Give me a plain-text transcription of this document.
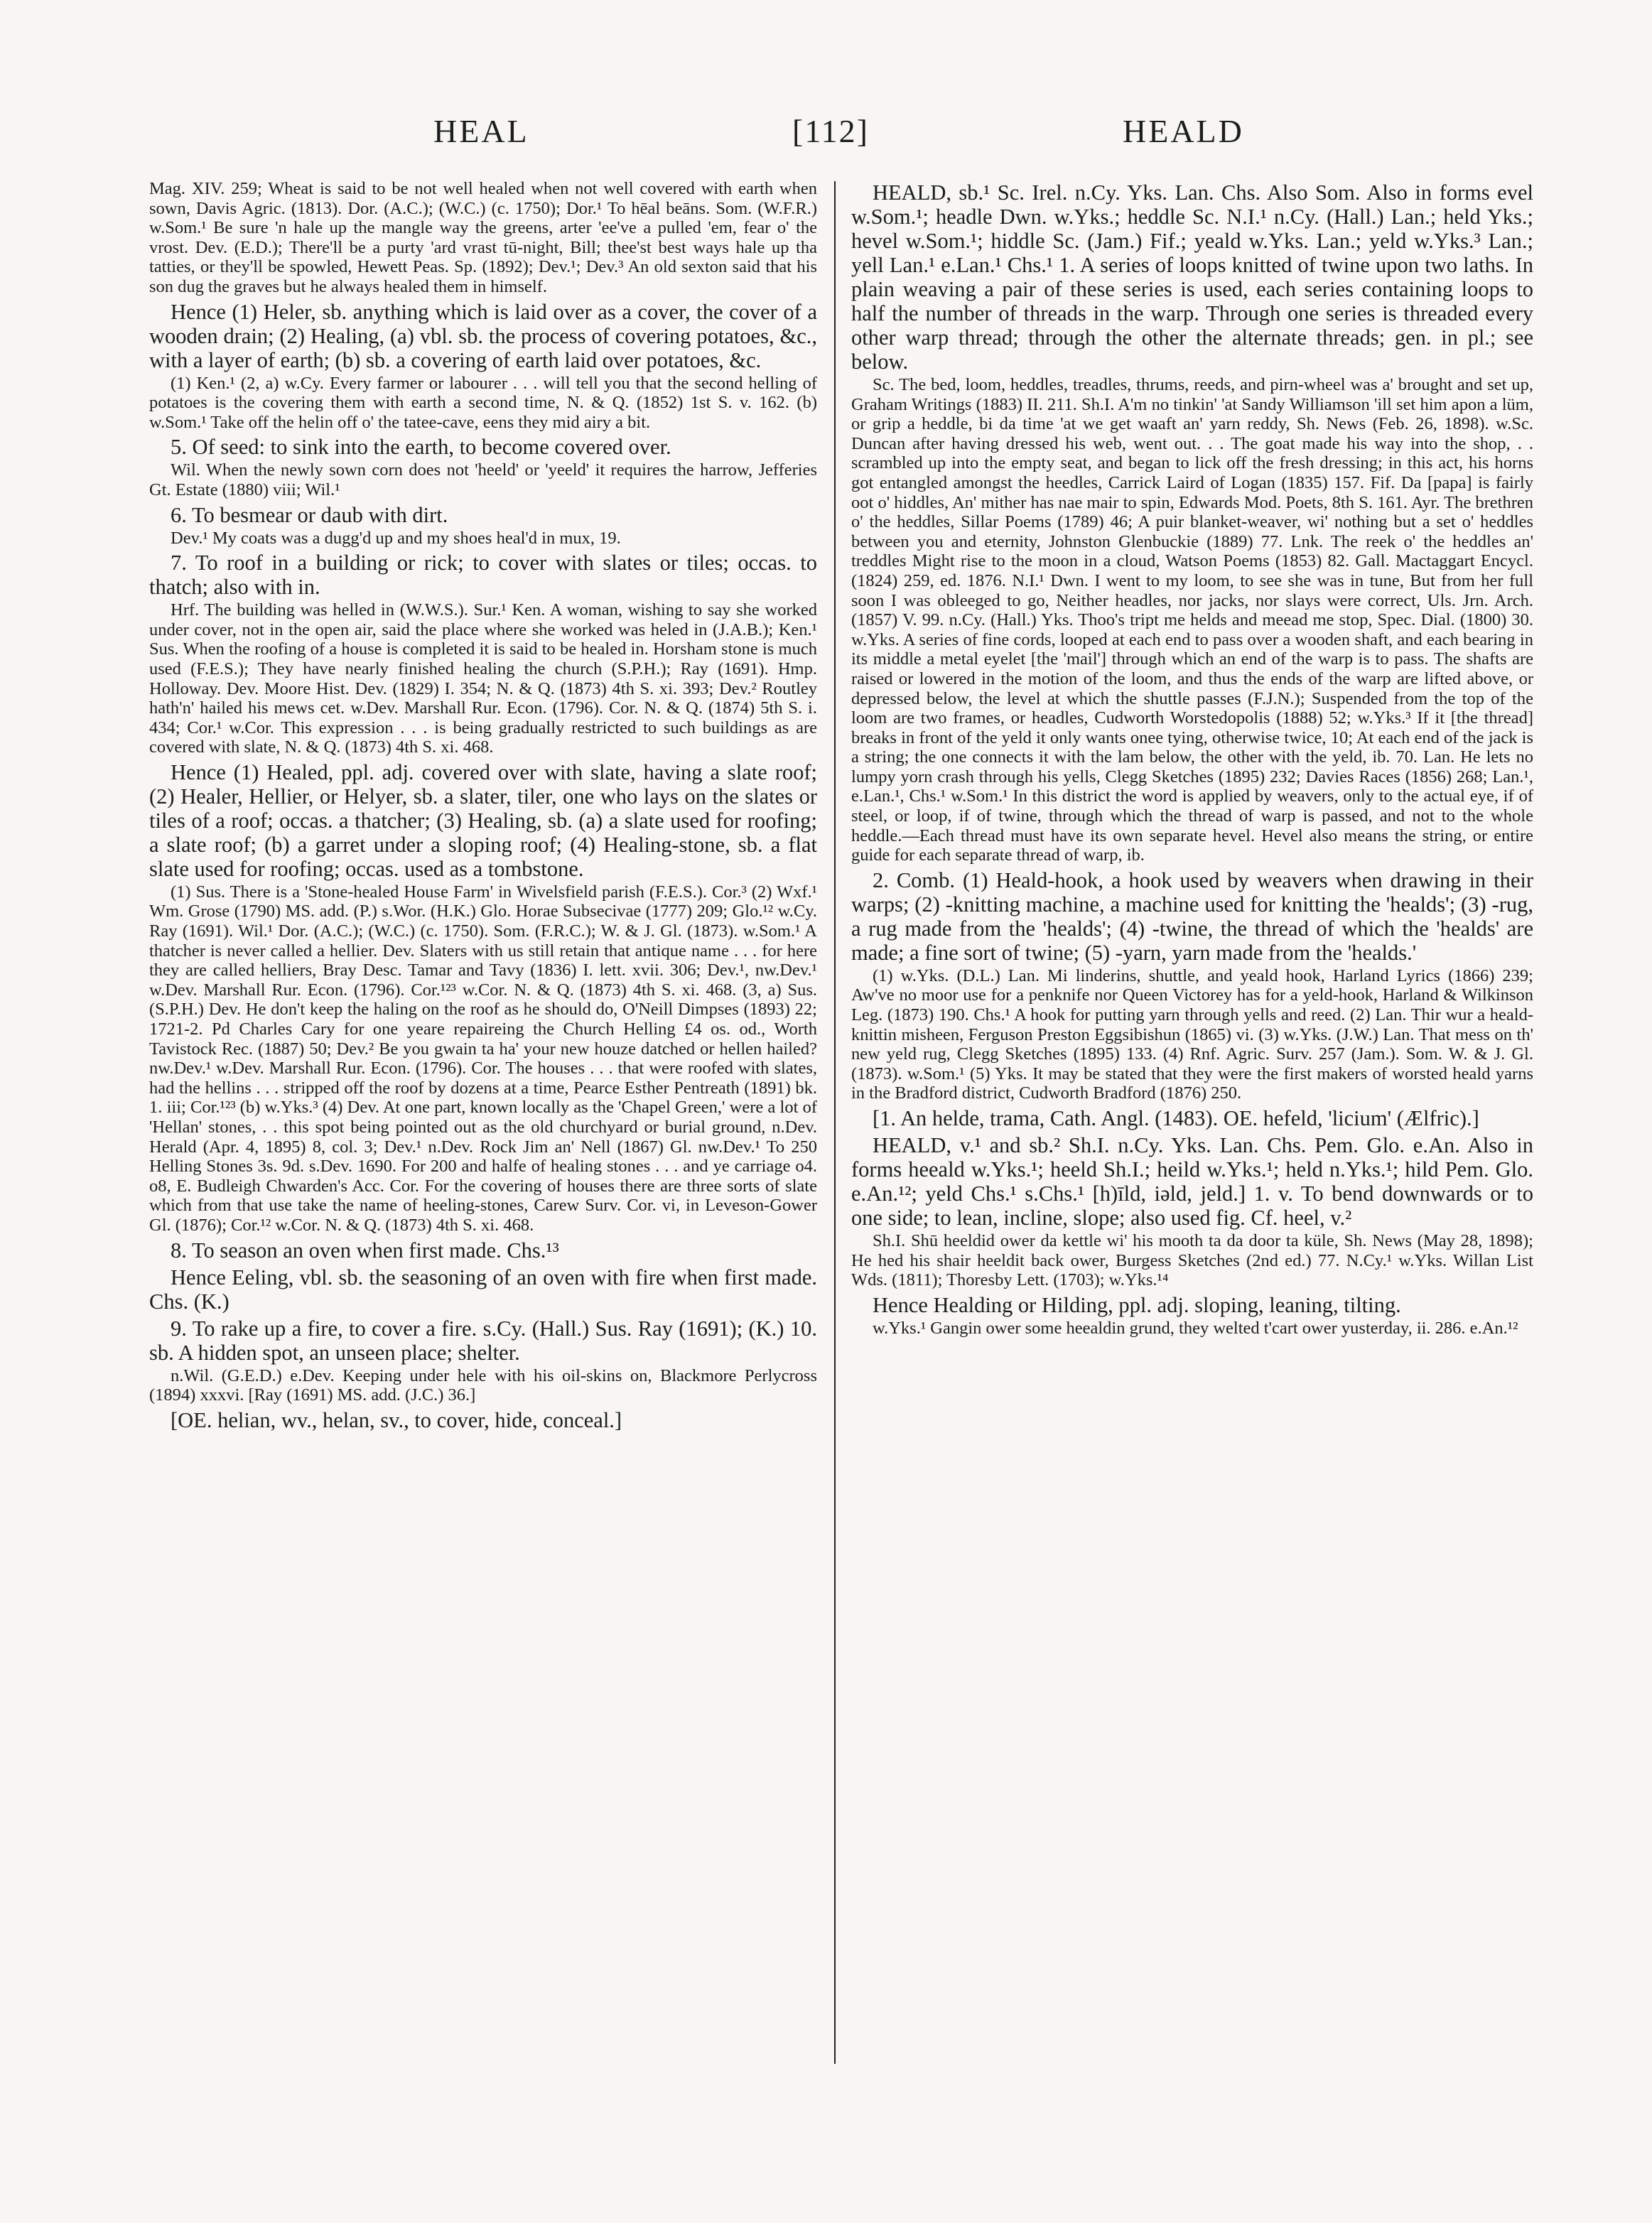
HEAL	[112]	HEALD

Mag. XIV. 259; Wheat is said to be not well healed when not well covered with earth when sown, Davis Agric. (1813). Dor. (A.C.); (W.C.) (c. 1750); Dor.¹ To hēal beāns. Som. (W.F.R.) w.Som.¹ Be sure 'n hale up the mangle way the greens, arter 'ee've a pulled 'em, fear o' the vrost. Dev. (E.D.); There'll be a purty 'ard vrast tū-night, Bill; thee'st best ways hale up tha tatties, or they'll be spowled, Hewett Peas. Sp. (1892); Dev.¹; Dev.³ An old sexton said that his son dug the graves but he always healed them in himself.

Hence (1) Heler, sb. anything which is laid over as a cover, the cover of a wooden drain; (2) Healing, (a) vbl. sb. the process of covering potatoes, &c., with a layer of earth; (b) sb. a covering of earth laid over potatoes, &c.

(1) Ken.¹ (2, a) w.Cy. Every farmer or labourer . . . will tell you that the second helling of potatoes is the covering them with earth a second time, N. & Q. (1852) 1st S. v. 162. (b) w.Som.¹ Take off the helin off o' the tatee-cave, eens they mid airy a bit.

5. Of seed: to sink into the earth, to become covered over.

Wil. When the newly sown corn does not 'heeld' or 'yeeld' it requires the harrow, Jefferies Gt. Estate (1880) viii; Wil.¹

6. To besmear or daub with dirt.

Dev.¹ My coats was a dugg'd up and my shoes heal'd in mux, 19.

7. To roof in a building or rick; to cover with slates or tiles; occas. to thatch; also with in.

Hrf. The building was helled in (W.W.S.). Sur.¹ Ken. A woman, wishing to say she worked under cover, not in the open air, said the place where she worked was heled in (J.A.B.); Ken.¹ Sus. When the roofing of a house is completed it is said to be healed in. Horsham stone is much used (F.E.S.); They have nearly finished healing the church (S.P.H.); Ray (1691). Hmp. Holloway. Dev. Moore Hist. Dev. (1829) I. 354; N. & Q. (1873) 4th S. xi. 393; Dev.² Routley hath'n' hailed his mews cet. w.Dev. Marshall Rur. Econ. (1796). Cor. N. & Q. (1874) 5th S. i. 434; Cor.¹ w.Cor. This expression . . . is being gradually restricted to such buildings as are covered with slate, N. & Q. (1873) 4th S. xi. 468.

Hence (1) Healed, ppl. adj. covered over with slate, having a slate roof; (2) Healer, Hellier, or Helyer, sb. a slater, tiler, one who lays on the slates or tiles of a roof; occas. a thatcher; (3) Healing, sb. (a) a slate used for roofing; a slate roof; (b) a garret under a sloping roof; (4) Healing-stone, sb. a flat slate used for roofing; occas. used as a tombstone.

(1) Sus. There is a 'Stone-healed House Farm' in Wivelsfield parish (F.E.S.). Cor.³ (2) Wxf.¹ Wm. Grose (1790) MS. add. (P.) s.Wor. (H.K.) Glo. Horae Subsecivae (1777) 209; Glo.¹² w.Cy. Ray (1691). Wil.¹ Dor. (A.C.); (W.C.) (c. 1750). Som. (F.R.C.); W. & J. Gl. (1873). w.Som.¹ A thatcher is never called a hellier. Dev. Slaters with us still retain that antique name . . . for here they are called helliers, Bray Desc. Tamar and Tavy (1836) I. lett. xvii. 306; Dev.¹, nw.Dev.¹ w.Dev. Marshall Rur. Econ. (1796). Cor.¹²³ w.Cor. N. & Q. (1873) 4th S. xi. 468. (3, a) Sus. (S.P.H.) Dev. He don't keep the haling on the roof as he should do, O'Neill Dimpses (1893) 22; 1721-2. Pd Charles Cary for one yeare repaireing the Church Helling £4 os. od., Worth Tavistock Rec. (1887) 50; Dev.² Be you gwain ta ha' your new houze datched or hellen hailed? nw.Dev.¹ w.Dev. Marshall Rur. Econ. (1796). Cor. The houses . . . that were roofed with slates, had the hellins . . . stripped off the roof by dozens at a time, Pearce Esther Pentreath (1891) bk. 1. iii; Cor.¹²³ (b) w.Yks.³ (4) Dev. At one part, known locally as the 'Chapel Green,' were a lot of 'Hellan' stones, . . this spot being pointed out as the old churchyard or burial ground, n.Dev. Herald (Apr. 4, 1895) 8, col. 3; Dev.¹ n.Dev. Rock Jim an' Nell (1867) Gl. nw.Dev.¹ To 250 Helling Stones 3s. 9d. s.Dev. 1690. For 200 and halfe of healing stones . . . and ye carriage o4. o8, E. Budleigh Chwarden's Acc. Cor. For the covering of houses there are three sorts of slate which from that use take the name of heeling-stones, Carew Surv. Cor. vi, in Leveson-Gower Gl. (1876); Cor.¹² w.Cor. N. & Q. (1873) 4th S. xi. 468.

8. To season an oven when first made. Chs.¹³

Hence Eeling, vbl. sb. the seasoning of an oven with fire when first made. Chs. (K.)

9. To rake up a fire, to cover a fire. s.Cy. (Hall.) Sus. Ray (1691); (K.) 10. sb. A hidden spot, an unseen place; shelter.

n.Wil. (G.E.D.) e.Dev. Keeping under hele with his oil-skins on, Blackmore Perlycross (1894) xxxvi. [Ray (1691) MS. add. (J.C.) 36.]

[OE. helian, wv., helan, sv., to cover, hide, conceal.]

HEALD, sb.¹ Sc. Irel. n.Cy. Yks. Lan. Chs. Also Som. Also in forms evel w.Som.¹; headle Dwn. w.Yks.; heddle Sc. N.I.¹ n.Cy. (Hall.) Lan.; held Yks.; hevel w.Som.¹; hiddle Sc. (Jam.) Fif.; yeald w.Yks. Lan.; yeld w.Yks.³ Lan.; yell Lan.¹ e.Lan.¹ Chs.¹ 1. A series of loops knitted of twine upon two laths. In plain weaving a pair of these series is used, each series containing loops to half the number of threads in the warp. Through one series is threaded every other warp thread; through the other the alternate threads; gen. in pl.; see below.

Sc. The bed, loom, heddles, treadles, thrums, reeds, and pirn-wheel was a' brought and set up, Graham Writings (1883) II. 211. Sh.I. A'm no tinkin' 'at Sandy Williamson 'ill set him apon a lüm, or grip a heddle, bi da time 'at we get waaft an' yarn reddy, Sh. News (Feb. 26, 1898). w.Sc. Duncan after having dressed his web, went out. . . The goat made his way into the shop, . . scrambled up into the empty seat, and began to lick off the fresh dressing; in this act, his horns got entangled amongst the heedles, Carrick Laird of Logan (1835) 157. Fif. Da [papa] is fairly oot o' hiddles, An' mither has nae mair to spin, Edwards Mod. Poets, 8th S. 161. Ayr. The brethren o' the heddles, Sillar Poems (1789) 46; A puir blanket-weaver, wi' nothing but a set o' heddles between you and eternity, Johnston Glenbuckie (1889) 77. Lnk. The reek o' the heddles an' treddles Might rise to the moon in a cloud, Watson Poems (1853) 82. Gall. Mactaggart Encycl. (1824) 259, ed. 1876. N.I.¹ Dwn. I went to my loom, to see she was in tune, But from her full soon I was obleeged to go, Neither headles, nor jacks, nor slays were correct, Uls. Jrn. Arch. (1857) V. 99. n.Cy. (Hall.) Yks. Thoo's tript me helds and meead me stop, Spec. Dial. (1800) 30. w.Yks. A series of fine cords, looped at each end to pass over a wooden shaft, and each bearing in its middle a metal eyelet [the 'mail'] through which an end of the warp is to pass. The shafts are raised or lowered in the motion of the loom, and thus the ends of the warp are lifted above, or depressed below, the level at which the shuttle passes (F.J.N.); Suspended from the top of the loom are two frames, or headles, Cudworth Worstedopolis (1888) 52; w.Yks.³ If it [the thread] breaks in front of the yeld it only wants onee tying, otherwise twice, 10; At each end of the jack is a string; the one connects it with the lam below, the other with the yeld, ib. 70. Lan. He lets no lumpy yorn crash through his yells, Clegg Sketches (1895) 232; Davies Races (1856) 268; Lan.¹, e.Lan.¹, Chs.¹ w.Som.¹ In this district the word is applied by weavers, only to the actual eye, if of steel, or loop, if of twine, through which the thread of warp is passed, and not to the whole heddle.—Each thread must have its own separate hevel. Hevel also means the string, or entire guide for each separate thread of warp, ib.

2. Comb. (1) Heald-hook, a hook used by weavers when drawing in their warps; (2) -knitting machine, a machine used for knitting the 'healds'; (3) -rug, a rug made from the 'healds'; (4) -twine, the thread of which the 'healds' are made; a fine sort of twine; (5) -yarn, yarn made from the 'healds.'

(1) w.Yks. (D.L.) Lan. Mi linderins, shuttle, and yeald hook, Harland Lyrics (1866) 239; Aw've no moor use for a penknife nor Queen Victorey has for a yeld-hook, Harland & Wilkinson Leg. (1873) 190. Chs.¹ A hook for putting yarn through yells and reed. (2) Lan. Thir wur a heald-knittin misheen, Ferguson Preston Eggsibishun (1865) vi. (3) w.Yks. (J.W.) Lan. That mess on th' new yeld rug, Clegg Sketches (1895) 133. (4) Rnf. Agric. Surv. 257 (Jam.). Som. W. & J. Gl. (1873). w.Som.¹ (5) Yks. It may be stated that they were the first makers of worsted heald yarns in the Bradford district, Cudworth Bradford (1876) 250.

[1. An helde, trama, Cath. Angl. (1483). OE. hefeld, 'licium' (Ælfric).]

HEALD, v.¹ and sb.² Sh.I. n.Cy. Yks. Lan. Chs. Pem. Glo. e.An. Also in forms heeald w.Yks.¹; heeld Sh.I.; heild w.Yks.¹; held n.Yks.¹; hild Pem. Glo. e.An.¹²; yeld Chs.¹ s.Chs.¹ [h)īld, iəld, jeld.] 1. v. To bend downwards or to one side; to lean, incline, slope; also used fig. Cf. heel, v.²

Sh.I. Shū heeldid ower da kettle wi' his mooth ta da door ta küle, Sh. News (May 28, 1898); He hed his shair heeldit back ower, Burgess Sketches (2nd ed.) 77. N.Cy.¹ w.Yks. Willan List Wds. (1811); Thoresby Lett. (1703); w.Yks.¹⁴

Hence Healding or Hilding, ppl. adj. sloping, leaning, tilting.

w.Yks.¹ Gangin ower some heealdin grund, they welted t'cart ower yusterday, ii. 286. e.An.¹²
